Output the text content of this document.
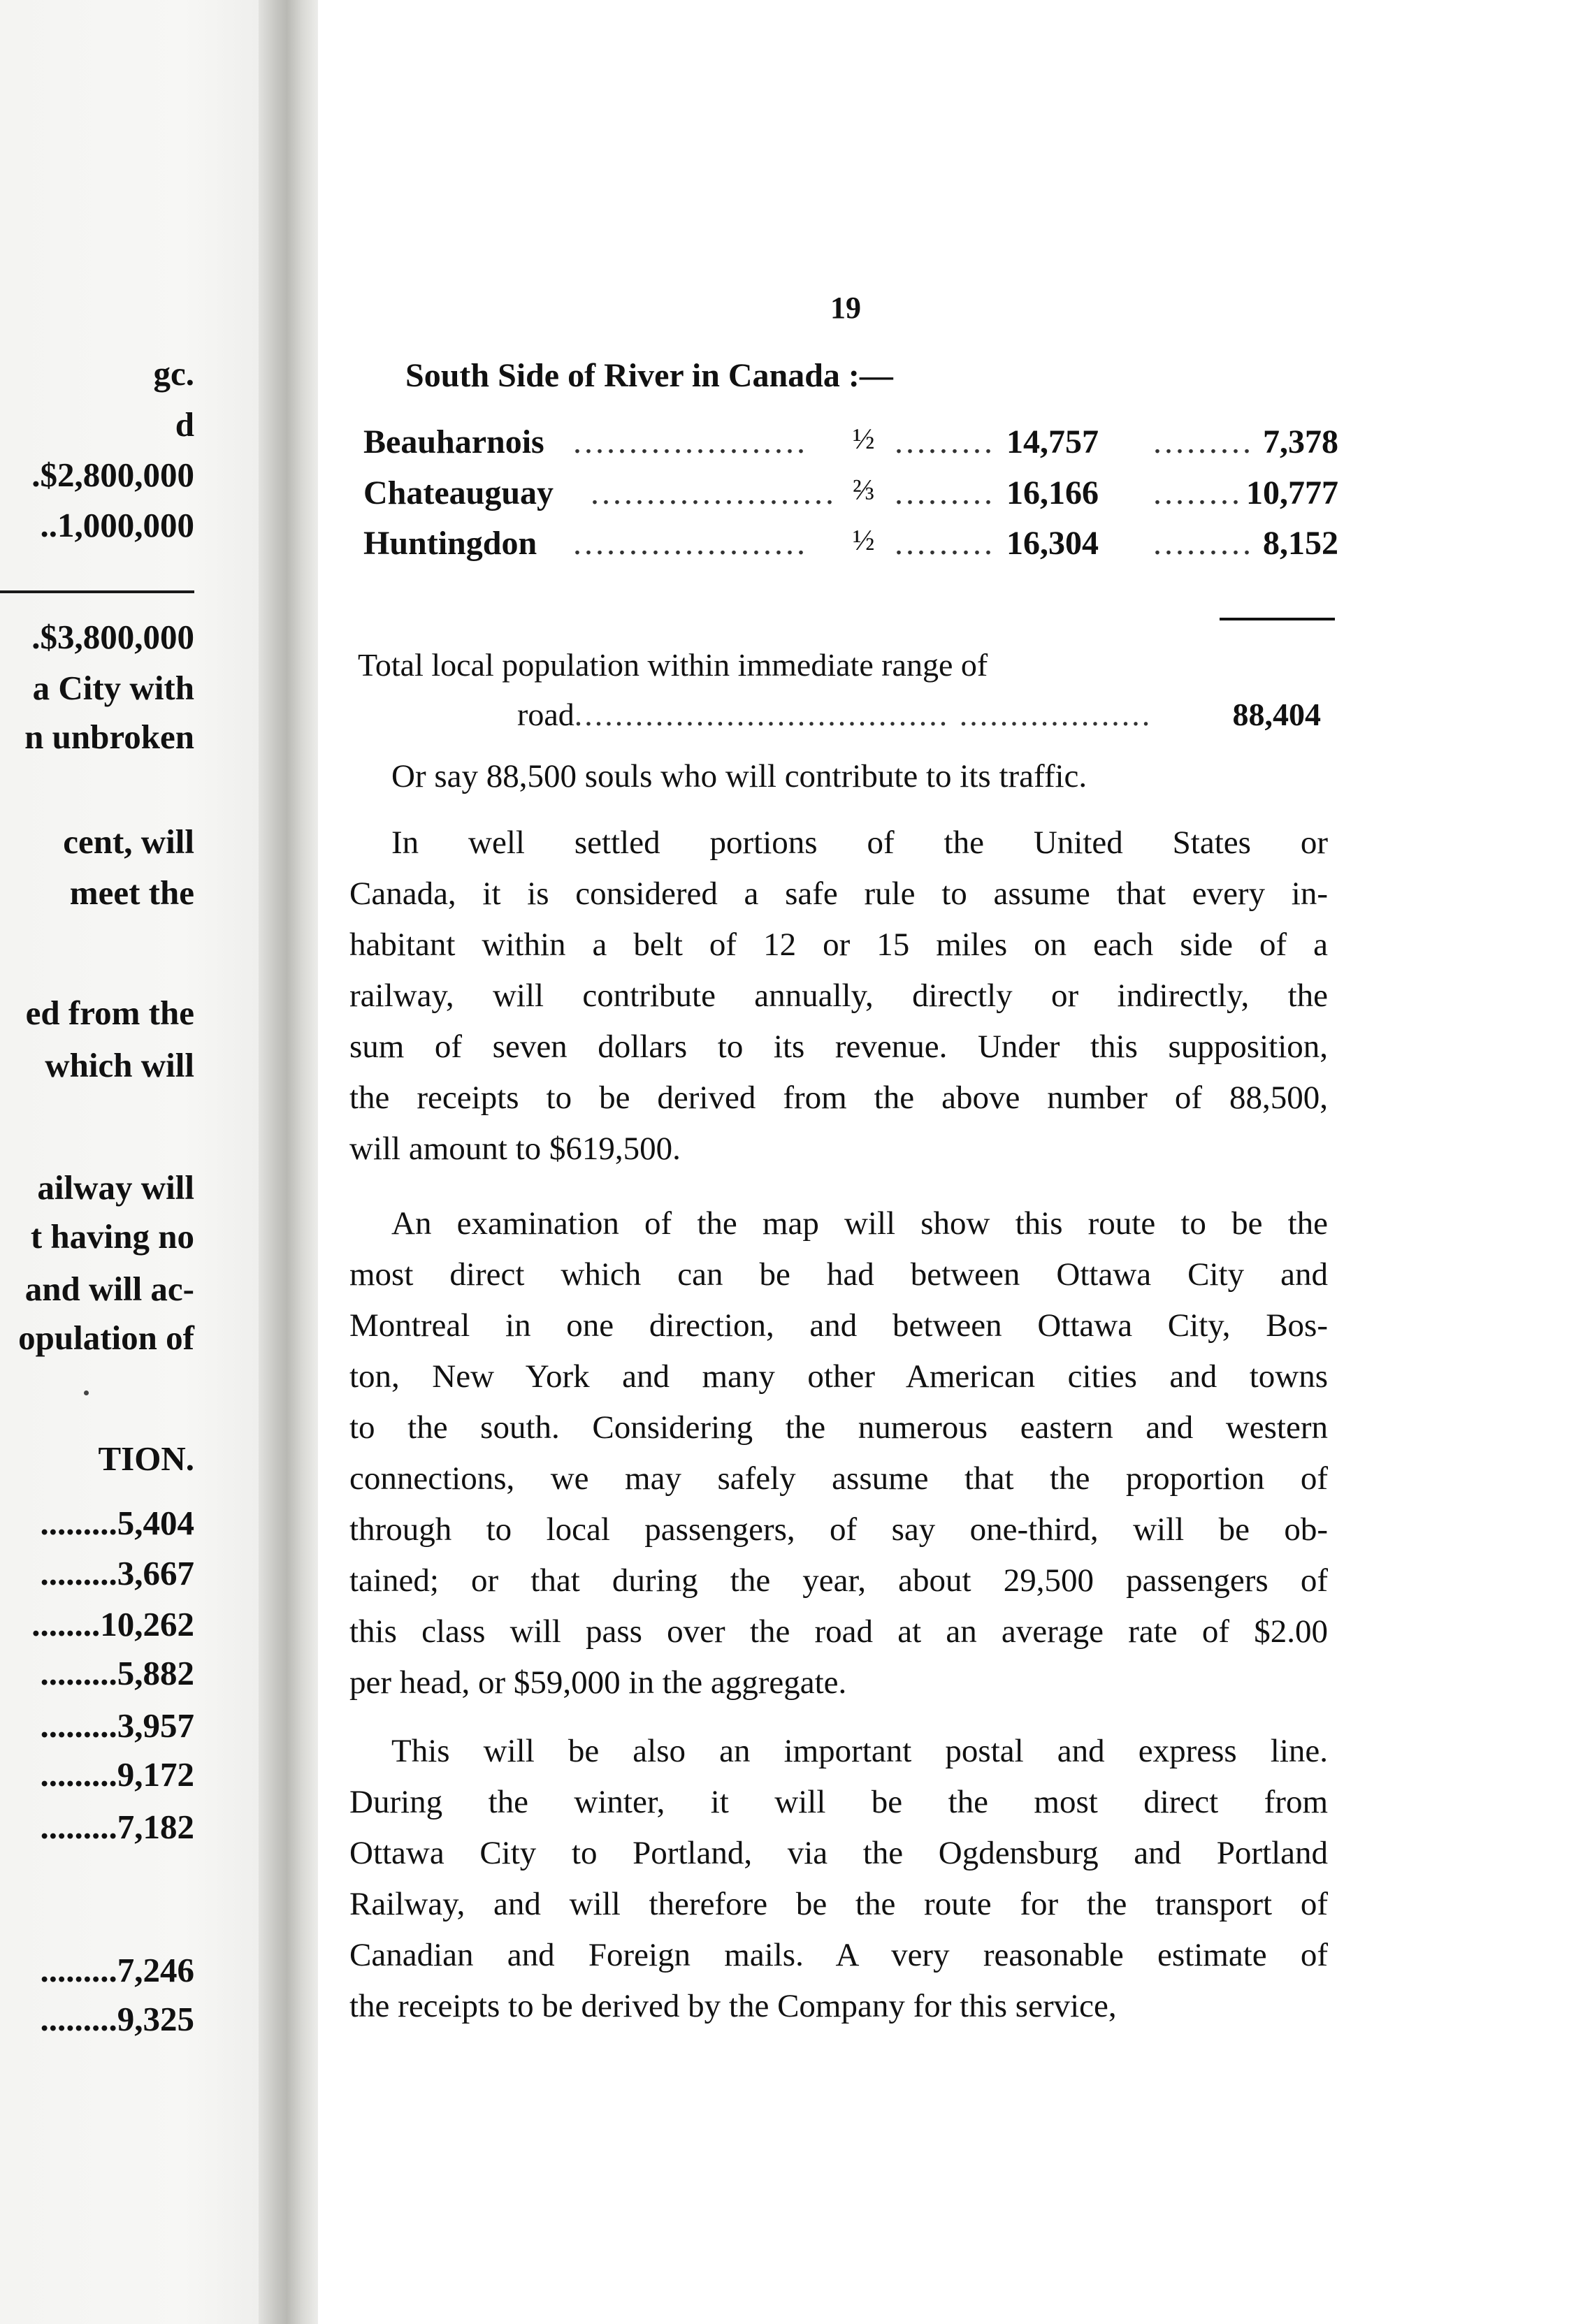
gc.
d
.$2,800,000
..1,000,000
.$3,800,000
a City with
n unbroken
cent, will
meet the
ed from the
which will
ailway will
t having no
and will ac-
opulation of
TION.
.........5,404
.........3,667
........10,262
.........5,882
.........3,957
.........9,172
.........7,182
.........7,246
.........9,325
19
South Side of River in Canada :—
Beauharnois ..................... ½ ......... 14,757 ......... 7,378
Chateauguay ...................... ⅔ ......... 16,166 ........ 10,777
Huntingdon ..................... ½ ......... 16,304 ......... 8,152
Total local population within immediate range of
road..................................... ...................	88,404
Or say 88,500 souls who will contribute to its traffic.
In well settled portions of the United States or
Canada, it is considered a safe rule to assume that every in-
habitant within a belt of 12 or 15 miles on each side of a
railway, will contribute annually, directly or indirectly, the
sum of seven dollars to its revenue. Under this supposition,
the receipts to be derived from the above number of 88,500,
will amount to $619,500.
An examination of the map will show this route to be the
most direct which can be had between Ottawa City and
Montreal in one direction, and between Ottawa City, Bos-
ton, New York and many other American cities and towns
to the south. Considering the numerous eastern and western
connections, we may safely assume that the proportion of
through to local passengers, of say one-third, will be ob-
tained; or that during the year, about 29,500 passengers of
this class will pass over the road at an average rate of $2.00
per head, or $59,000 in the aggregate.
This will be also an important postal and express line.
During the winter, it will be the most direct from
Ottawa City to Portland, via the Ogdensburg and Portland
Railway, and will therefore be the route for the transport of
Canadian and Foreign mails. A very reasonable estimate of
the receipts to be derived by the Company for this service,
